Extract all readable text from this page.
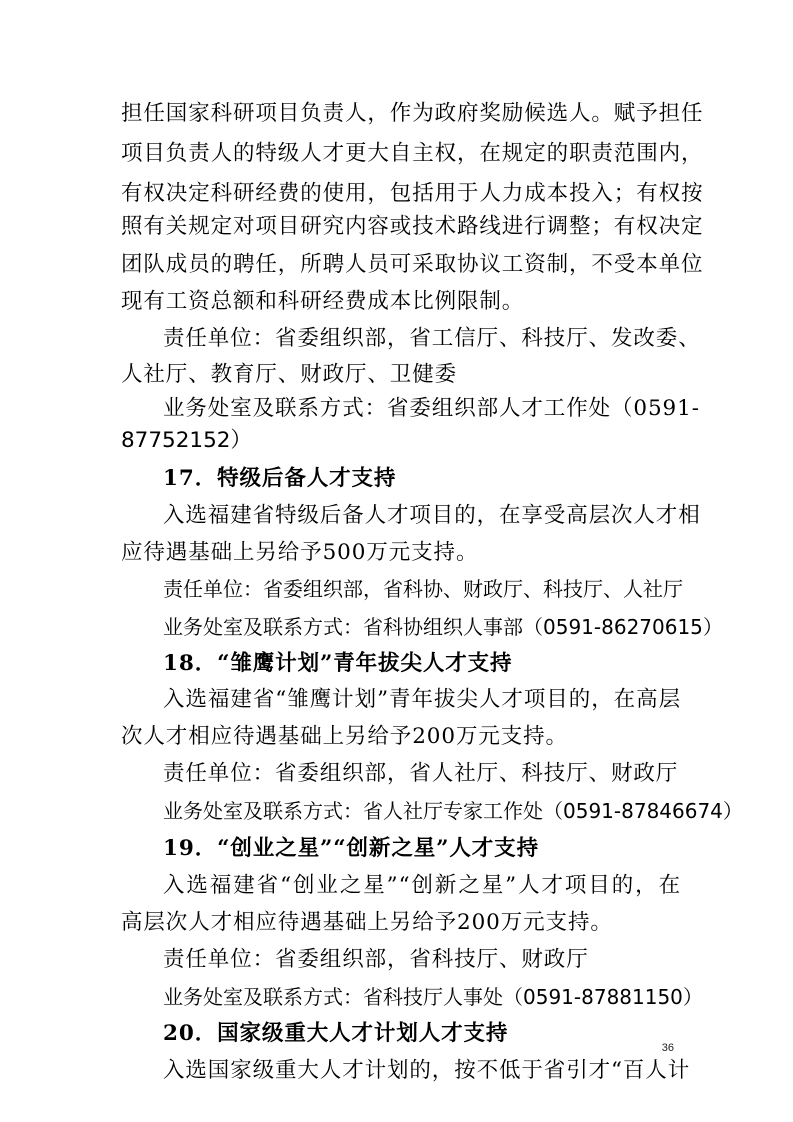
担任国家科研项目负责人，作为政府奖励候选人。赋予担任
项目负责人的特级人才更大自主权，在规定的职责范围内，
有权决定科研经费的使用，包括用于人力成本投入；有权按
照有关规定对项目研究内容或技术路线进行调整；有权决定
团队成员的聘任，所聘人员可采取协议工资制，不受本单位
现有工资总额和科研经费成本比例限制。
责任单位：省委组织部，省工信厅、科技厅、发改委、
人社厅、教育厅、财政厅、卫健委
业务处室及联系方式：省委组织部人才工作处（0591-
87752152）
17．特级后备人才支持
入选福建省特级后备人才项目的，在享受高层次人才相
应待遇基础上另给予500万元支持。
责任单位：省委组织部，省科协、财政厅、科技厅、人社厅
业务处室及联系方式：省科协组织人事部（0591-86270615）
18．“雏鹰计划”青年拔尖人才支持
入选福建省“雏鹰计划”青年拔尖人才项目的，在高层
次人才相应待遇基础上另给予200万元支持。
责任单位：省委组织部，省人社厅、科技厅、财政厅
业务处室及联系方式：省人社厅专家工作处（0591-87846674）
19．“创业之星”“创新之星”人才支持
入选福建省“创业之星”“创新之星”人才项目的，在
高层次人才相应待遇基础上另给予200万元支持。
责任单位：省委组织部，省科技厅、财政厅
业务处室及联系方式：省科技厅人事处（0591-87881150）
20．国家级重大人才计划人才支持
入选国家级重大人才计划的，按不低于省引才“百人计
36
